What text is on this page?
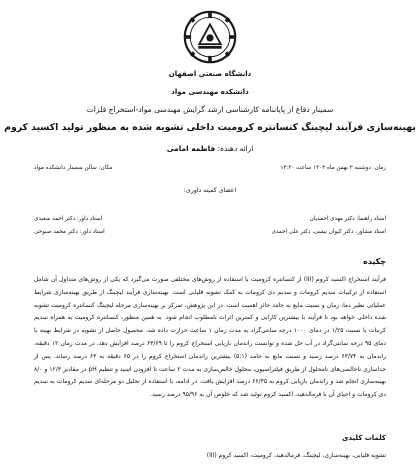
دانشگاه صنعتی اصفهان
دانشکده مهندسی مواد
سمینار دفاع از پایاننامه کارشناسی ارشد گرایش مهندسی مواد-استخراج فلزات
بهینه‌سازی فرآیند لیچینگ کنسانتره کرومیت داخلی تشویه شده به منظور تولید اکسید کروم
ارائه دهنده: فاطمه امامی
زمان: دوشنبه ۳ بهمن ماه ۱۴۰۴ ساعت ۱۴:۳۰
مکان: سالن سمینار دانشکده مواد
اعضای کمیته داوری:
استاد راهنما: دکتر مهدی احمدیان
استاد داور: دکتر احمد سعیدی
استاد مشاور: دکتر کیوان نیسی، دکتر علی احمدی
استاد داور: دکتر محمد صبوحی
چکیده
فرآیند استخراج اکسید کروم (III) از کنسانتره کرومیت با استفاده از روش‌های مختلفی صورت می‌گیرد که یکی از روش‌های متداول آن شامل استفاده از ترکیبات سدیم کرومات و سدیم دی کرومات به کمک تشویه قلیایی است. بهینه‌سازی فرآیند لیچینگ از طریق بهینه‌سازی شرایط عملیاتی نظیر دما، زمان و نسبت مایع به جامد حائز اهمیت است. در این پژوهش، تمرکز بر بهینه‌سازی مرحله لیچینگ کنسانتره کرومیت تشویه شده داخلی خواهد بود تا فرآیند با بیشترین کارایی و کمترین اثرات نامطلوب انجام شود. به همین منظور، کنسانتره کرومیت به همراه سدیم کربنات با نسبت ۱/۲۵ در دمای ۱۰۰۰ درجه سانتی‌گراد به مدت زمان ۱ ساعت حرارت داده شد. محصول حاصل از تشویه در شرایط بهینه با دمای ۹۵ درجه سانتی‌گراد در آب حل شده و توانست راندمان بازیابی استخراج کروم را تا ۶۳/۶۹ درصد افزایش دهد. در مدت زمان ۱۲ دقیقه، راندمان به ۶۳/۷۴ درصد رسید و نسبت مایع به جامد (۵:۱) بیشترین راندمان استخراج کروم را در ۶۵ دقیقه به ۶۳ درصد رساند. پس از جداسازی ناخالصی‌های نامحلول از طریق فیلتراسیون، محلول خالص‌سازی به مدت ۲ ساعت تا افزودن اسید و تنظیم pH در مقادیر ۱۲/۳ و ۸/۰ بهینه‌سازی انجام شد و راندمان بازیابی کروم به ۶۶/۳۵ درصد افزایش یافت. در ادامه، با استفاده از تحلیل دو مرحله‌ای سدیم کرومات به سدیم دی کرومات و احیای آن با فرمالدهید، اکسید کروم تولید شد که خلوص آن به ۹۵/۹۶ درصد رسید.
کلمات کلیدی
تشویه قلیایی، بهینه‌سازی، لیچینگ، فرمالدهید، کرومیت، اکسید کروم (III)
